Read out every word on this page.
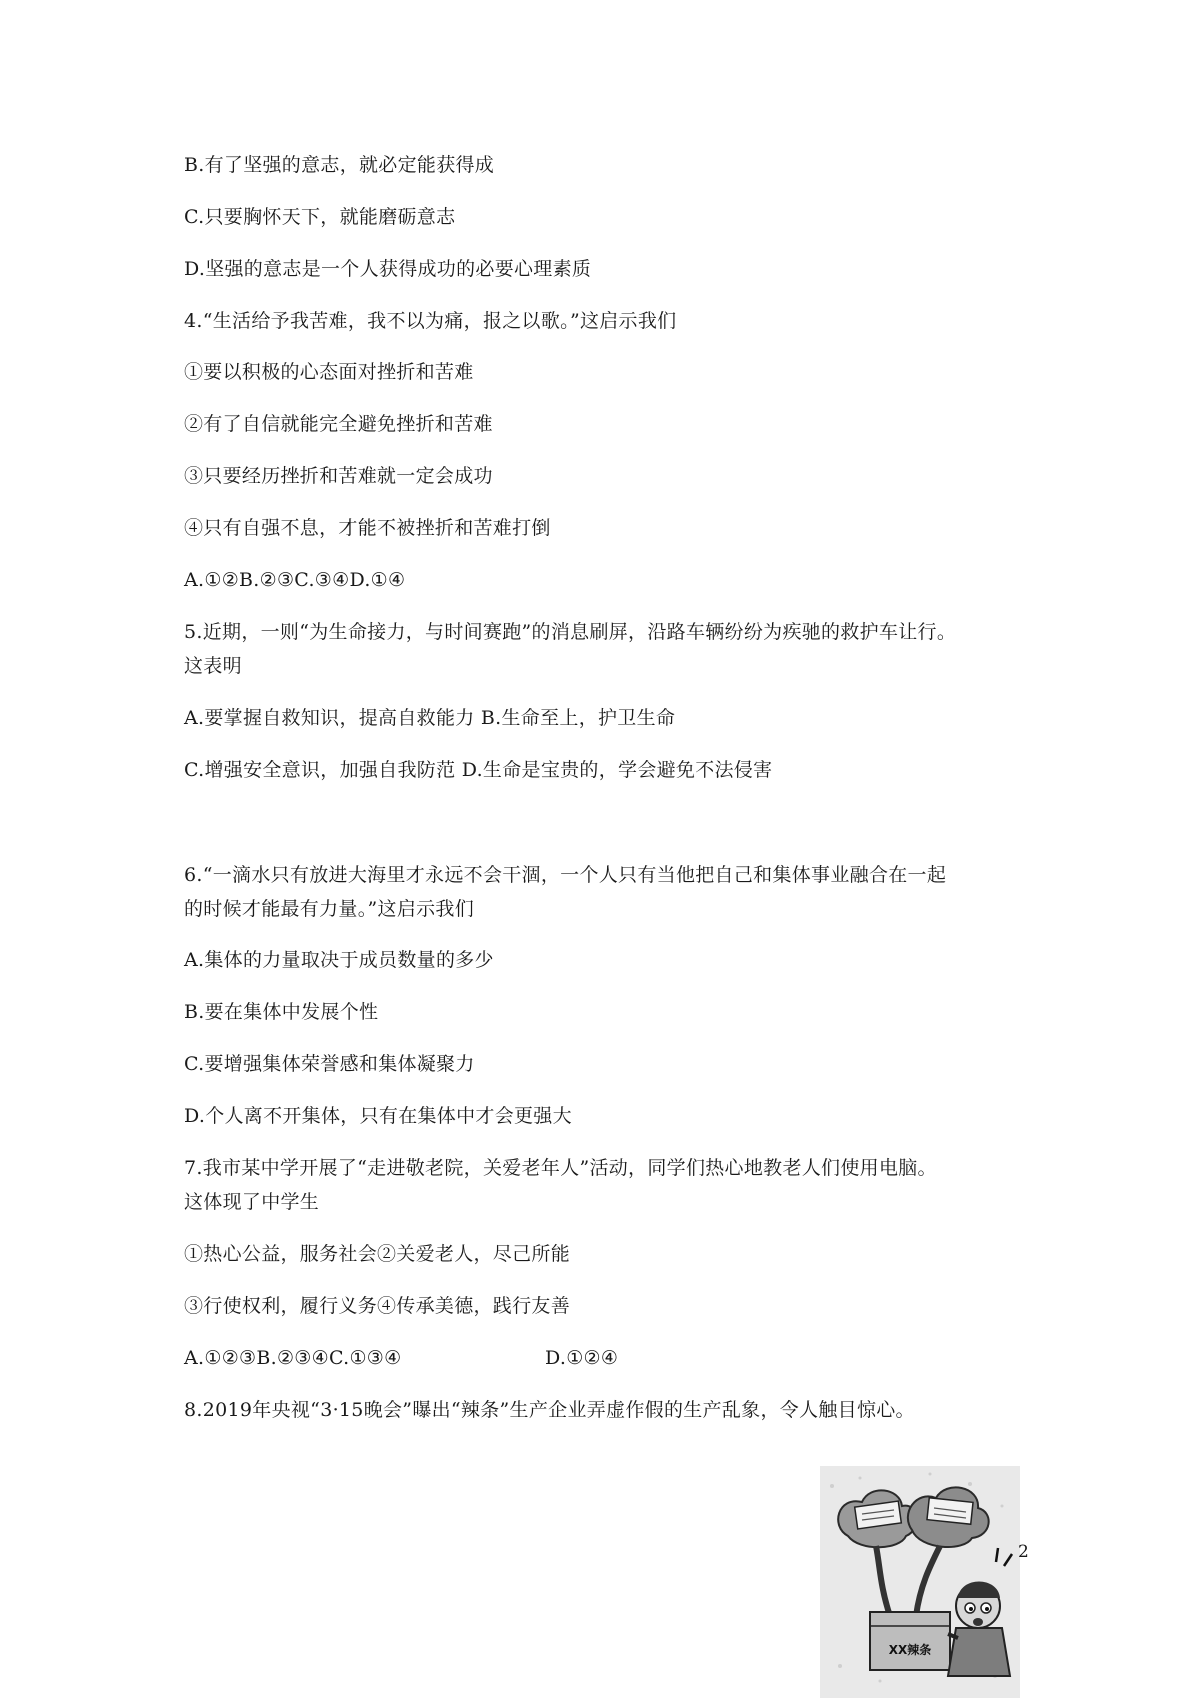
B.有了坚强的意志，就必定能获得成
C.只要胸怀天下，就能磨砺意志
D.坚强的意志是一个人获得成功的必要心理素质
4.“生活给予我苦难，我不以为痛，报之以歌。”这启示我们
①要以积极的心态面对挫折和苦难
②有了自信就能完全避免挫折和苦难
③只要经历挫折和苦难就一定会成功
④只有自强不息，才能不被挫折和苦难打倒
A.①②B.②③C.③④D.①④
5.近期，一则“为生命接力，与时间赛跑”的消息刷屏，沿路车辆纷纷为疾驰的救护车让行。
这表明
A.要掌握自救知识，提高自救能力 B.生命至上，护卫生命
C.增强安全意识，加强自我防范 D.生命是宝贵的，学会避免不法侵害
6.“一滴水只有放进大海里才永远不会干涸，一个人只有当他把自己和集体事业融合在一起
的时候才能最有力量。”这启示我们
A.集体的力量取决于成员数量的多少
B.要在集体中发展个性
C.要增强集体荣誉感和集体凝聚力
D.个人离不开集体，只有在集体中才会更强大
7.我市某中学开展了“走进敬老院，关爱老年人”活动，同学们热心地教老人们使用电脑。
这体现了中学生
①热心公益，服务社会②关爱老人，尽己所能
③行使权利，履行义务④传承美德，践行友善
A.①②③B.②③④C.①③④	D.①②④
8.2019年央视“3·15晚会”曝出“辣条”生产企业弄虚作假的生产乱象，令人触目惊心。
XX辣条
2
